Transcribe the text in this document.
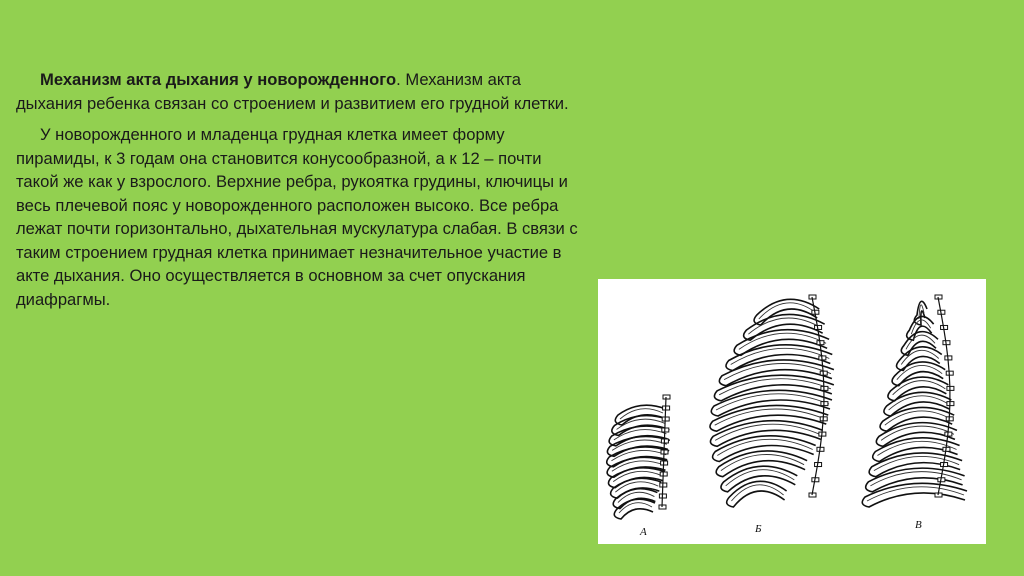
Механизм акта дыхания у новорожденного. Механизм акта дыхания ребенка связан со строением и развитием его грудной клетки.

У новорожденного и младенца грудная клетка имеет форму пирамиды, к 3 годам она становится конусообразной, а к 12 – почти такой же как у взрослого. Верхние ребра, рукоятка грудины, ключицы и весь плечевой пояс у новорожденного расположен высоко. Все ребра лежат почти горизонтально, дыхательная мускулатура слабая. В связи с таким строением грудная клетка принимает незначительное участие в акте дыхания. Оно осуществляется в основном за счет опускания диафрагмы.

А	Б	В
